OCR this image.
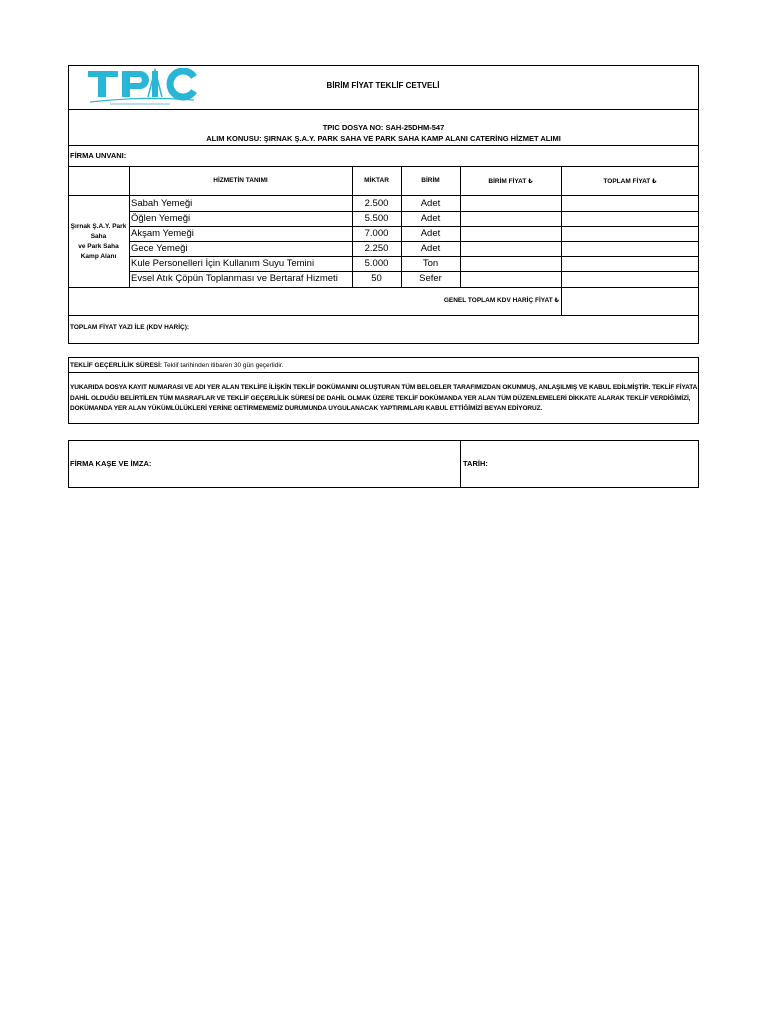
BİRİM FİYAT TEKLİF CETVELİ
TPIC DOSYA NO: SAH-25DHM-547
ALIM KONUSU: ŞIRNAK Ş.A.Y. PARK SAHA VE PARK SAHA KAMP ALANI CATERİNG HİZMET ALIMI
FİRMA UNVANI:
HİZMETİN TANIMI	MİKTAR	BİRİM	BİRİM FİYAT ₺	TOPLAM FİYAT ₺
Şırnak Ş.A.Y. Park
Saha
ve Park Saha
Kamp Alanı
Sabah Yemeği	2.500	Adet
Öğlen Yemeği	5.500	Adet
Akşam Yemeği	7.000	Adet
Gece Yemeği	2.250	Adet
Kule Personelleri İçin Kullanım Suyu Temini	5.000	Ton
Evsel Atık Çöpün Toplanması ve Bertaraf Hizmeti	50	Sefer
GENEL TOPLAM KDV HARİÇ FİYAT ₺
TOPLAM FİYAT YAZI İLE (KDV HARİÇ):
TEKLİF GEÇERLİLİK SÜRESİ: Teklif tarihinden itibaren 30 gün geçerlidir.
YUKARIDA DOSYA KAYIT NUMARASI VE ADI YER ALAN TEKLİFE İLİŞKİN TEKLİF DOKÜMANINI OLUŞTURAN TÜM BELGELER TARAFIMIZDAN OKUNMUŞ, ANLAŞILMIŞ VE KABUL EDİLMİŞTİR. TEKLİF FİYATA DAHİL OLDUĞU BELİRTİLEN TÜM MASRAFLAR VE TEKLİF GEÇERLİLİK SÜRESİ DE DAHİL OLMAK ÜZERE TEKLİF DOKÜMANDA YER ALAN TÜM DÜZENLEMELERİ DİKKATE ALARAK TEKLİF VERDİĞİMİZİ, DOKÜMANDA YER ALAN YÜKÜMLÜLÜKLERİ YERİNE GETİRMEMEMİZ DURUMUNDA UYGULANACAK YAPTIRIMLARI KABUL ETTİĞİMİZİ BEYAN EDİYORUZ.
FİRMA KAŞE VE İMZA:	TARİH:
